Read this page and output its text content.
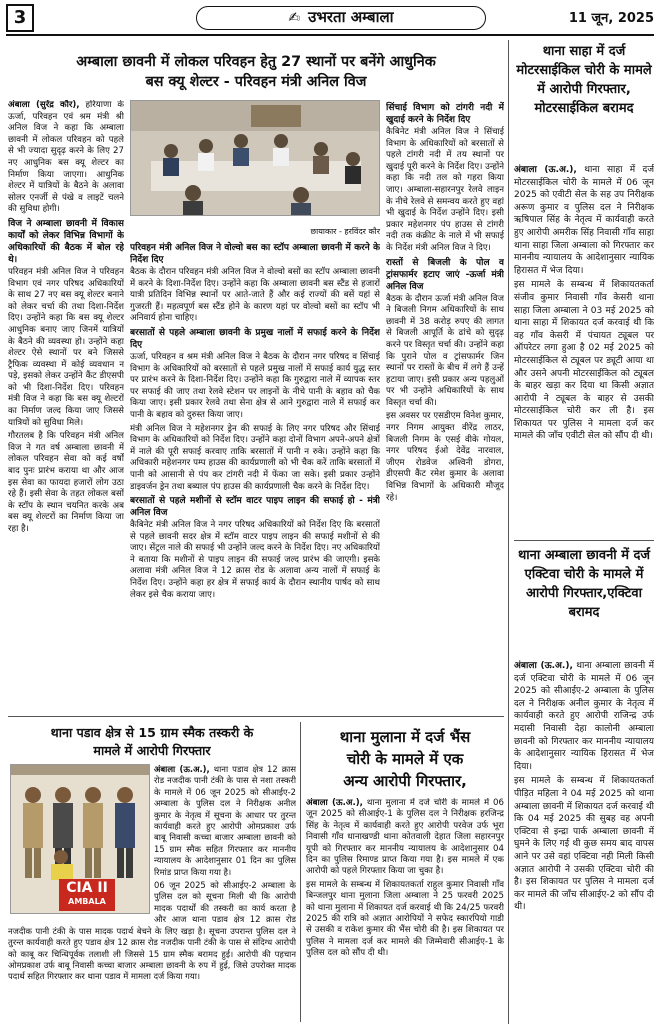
3	✍ उभरता अम्बाला	11 जून, 2025
अम्बाला छावनी में लोकल परिवहन हेतु 27 स्थानों पर बनेंगे आधुनिक
बस क्यू शेल्टर - परिवहन मंत्री अनिल विज

अंबाला (सुरेंद्र कौर), हरियाणा के ऊर्जा, परिवहन एवं श्रम मंत्री श्री अनिल विज ने कहा कि अम्बाला छावनी में लोकल परिवहन को पहले से भी ज्यादा सुदृढ़ करने के लिए 27 नए आधुनिक बस क्यू शेल्टर का निर्माण किया जाएगा। आधुनिक शेल्टर में यात्रियों के बैठने के अलावा सोलर एनर्जी से पंखे व लाइटें चलने की सुविधा होगी।

विज ने अम्बाला छावनी में विकास कार्यों को लेकर विभिन्न विभागों के अधिकारियों की बैठक में बोल रहे थे।

परिवहन मंत्री अनिल विज ने परिवहन विभाग एवं नगर परिषद अधिकारियों के साथ 27 नए बस क्यू शेल्टर बनाने को लेकर चर्चा की तथा दिशा-निर्देश दिए। उन्होंने कहा कि बस क्यू शेल्टर आधुनिक बनाए जाए जिनमें यात्रियों के बैठने की व्यवस्था हो। उन्होंने कहा शेल्टर ऐसे स्थानों पर बने जिससे ट्रैफिक व्यवस्था में कोई व्यवधान न पड़े, इसको लेकर उन्होंने कैंट डीएसपी को भी दिशा-निर्देश दिए। परिवहन मंत्री विज ने कहा कि बस क्यू शेल्टरों का निर्माण जल्द किया जाए जिससे यात्रियों को सुविधा मिले।

गौरतलब है कि परिवहन मंत्री अनिल विज ने गत वर्ष अम्बाला छावनी में लोकल परिवहन सेवा को कई वर्षों बाद पुनः प्रारंभ कराया था और आज इस सेवा का फायदा हजारों लोग उठा रहे हैं। इसी सेवा के तहत लोकल बसों के स्टॉप के स्थान चयनित करके अब बस क्यू शेल्टरों का निर्माण किया जा रहा है।

छायाकार - हरविंदर कौर
परिवहन मंत्री अनिल विज ने वोल्वो बस का स्टॉप अम्बाला छावनी में करने के निर्देश दिए

बैठक के दौरान परिवहन मंत्री अनिल विज ने वोल्वो बसों का स्टॉप अम्बाला छावनी में करने के दिशा-निर्देश दिए। उन्होंने कहा कि अम्बाला छावनी बस स्टैंड से हजारों यात्री प्रतिदिन विभिन्न स्थानों पर आते-जाते हैं और कई राज्यों की बसें यहां से गुजरती हैं। महत्वपूर्ण बस स्टैंड होने के कारण यहां पर वोल्वो बसों का स्टॉप भी अनिवार्य होना चाहिए।

बरसातों से पहले अम्बाला छावनी के प्रमुख नालों में सफाई करने के निर्देश दिए

ऊर्जा, परिवहन व श्रम मंत्री अनिल विज ने बैठक के दौरान नगर परिषद व सिंचाई विभाग के अधिकारियों को बरसातों से पहले प्रमुख नालों में सफाई कार्य युद्ध स्तर पर प्रारंभ करने के दिशा-निर्देश दिए। उन्होंने कहा कि गुरुद्वारा नाले में व्यापक स्तर पर सफाई की जाए तथा रेलवे स्टेशन पर लाइनों के नीचे पानी के बहाव को चैक किया जाए। इसी प्रकार रेलवे तथा सेना क्षेत्र से आने गुरुद्वारा नाले में सफाई कर पानी के बहाव को दुरुस्त किया जाए।

मंत्री अनिल विज ने महेशनगर ड्रेन की सफाई के लिए नगर परिषद और सिंचाई विभाग के अधिकारियों को निर्देश दिए। उन्होंने कहा दोनों विभाग अपने-अपने क्षेत्रों में नाले की पूरी सफाई करवाए ताकि बरसातों में पानी न रुके। उन्होंने कहा कि अधिकारी महेशनगर पम्प हाउस की कार्यप्रणाली को भी चैक करें ताकि बरसातों में पानी को आसानी से पंप कर टांगरी नदी में फेंका जा सके। इसी प्रकार उन्होंने डाइवर्जन ड्रेन तथा बब्याल पंप हाउस की कार्यप्रणाली चैक करने के निर्देश दिए।

बरसातों से पहले मशीनों से स्टॉम वाटर पाइप लाइन की सफाई हो - मंत्री अनिल विज

कैबिनेट मंत्री अनिल विज ने नगर परिषद अधिकारियों को निर्देश दिए कि बरसातों से पहले छावनी सदर क्षेत्र में स्टॉम वाटर पाइप लाइन की सफाई मशीनों से की जाए। सेंट्रल नाले की सफाई भी उन्होंने जल्द करने के निर्देश दिए। नए अधिकारियों ने बताया कि मशीनों से पाइप लाइन की सफाई जल्द प्रारंभ की जाएगी। इसके अलावा मंत्री अनिल विज ने 12 क्रास रोड के अलावा अन्य नालों में सफाई के निर्देश दिए। उन्होंने कहा हर क्षेत्र में सफाई कार्य के दौरान स्थानीय पार्षद को साथ लेकर इसे चैक कराया जाए।

सिंचाई विभाग को टांगरी नदी में खुदाई करने के निर्देश दिए

कैबिनेट मंत्री अनिल विज ने सिंचाई विभाग के अधिकारियों को बरसातों से पहले टांगरी नदी में तय स्थानों पर खुदाई पूरी करने के निर्देश दिए। उन्होंने कहा कि नदी तल को गहरा किया जाए। अम्बाला-सहारनपुर रेलवे लाइन के नीचे रेलवे से समन्वय करते हुए वहां भी खुदाई के निर्देश उन्होंने दिए। इसी प्रकार महेशनगर पंप हाउस से टांगरी नदी तक कंक्रीट के नाले में भी सफाई के निर्देश मंत्री अनिल विज ने दिए।

रास्तों से बिजली के पोल व ट्रांसफार्मर हटाए जाएं -ऊर्जा मंत्री अनिल विज

बैठक के दौरान ऊर्जा मंत्री अनिल विज ने बिजली निगम अधिकारियों के साथ छावनी में 38 करोड़ रुपए की लागत से बिजली आपूर्ति के ढांचे को सुदृढ़ करने पर विस्तृत चर्चा की। उन्होंने कहा कि पुराने पोल व ट्रांसफार्मर जिन स्थानों पर रास्तों के बीच में लगे हैं उन्हें हटाया जाए। इसी प्रकार अन्य पहलुओं पर भी उन्होंने अधिकारियों के साथ विस्तृत चर्चा की।

इस अवसर पर एसडीएम विनेश कुमार, नगर निगम आयुक्त वीरेंद्र लाठर, बिजली निगम के एसई वीके गोयल, नगर परिषद ईओ देवेंद्र नारवाल, जीएम रोडवेज अश्विनी डोगरा, डीएसपी कैंट रमेश कुमार के अलावा विभिन्न विभागों के अधिकारी मौजूद रहे।

थाना साहा में दर्ज मोटरसाईकिल चोरी के मामले में आरोपी गिरफ्तार, मोटरसाईकिल बरामद

अंबाला (ऊ.अ.), थाना साहा में दर्ज मोटरसाईकिल चोरी के मामले में 06 जून 2025 को एवीटी सेल के सह उप निरीक्षक अरूण कुमार व पुलिस दल ने निरीक्षक ऋषिपाल सिंह के नेतृत्व में कार्यवाही करते हुए आरोपी अमरीक सिंह निवासी गाँव साहा थाना साहा जिला अम्बाला को गिरफ्तार कर माननीय न्यायालय के आदेशानुसार न्यायिक हिरासत में भेज दिया।

इस मामले के सम्बन्ध में शिकायतकर्ता संजीव कुमार निवासी गाँव केसरी थाना साहा जिला अम्बाला ने 03 मई 2025 को थाना साहा में शिकायत दर्ज करवाई थी कि वह गाँव केसरी में पंचायत ट्यूबल पर ऑपरेटर लगा हुआ है 02 मई 2025 को मोटरसाईकिल से ट्यूबल पर ड्यूटी आया था और उसने अपनी मोटरसाईकिल को ट्यूबल के बाहर खड़ा कर दिया था किसी अज्ञात आरोपी ने ट्यूबल के बाहर से उसकी मोटरसाईकिल चोरी कर ली है। इस शिकायत पर पुलिस ने मामला दर्ज कर मामले की जाँच एवीटी सेल को सौंप दी थी।

थाना अम्बाला छावनी में दर्ज एक्टिवा चोरी के मामले में आरोपी गिरफ्तार,एक्टिवा बरामद

अंबाला (ऊ.अ.), थाना अम्बाला छावनी में दर्ज एक्टिवा चोरी के मामले में 06 जून 2025 को सीआईए-2 अम्बाला के पुलिस दल ने निरीक्षक अनील कुमार के नेतृत्व में कार्यवाही करते हुए आरोपी राजिन्द्र उर्फ मदासी निवासी देहा कालोनी अम्बाला छावनी को गिरफ्तार कर माननीय न्यायालय के आदेशानुसार न्यायिक हिरासत में भेज दिया।

इस मामले के सम्बन्ध में शिकायतकर्ता पीड़ित महिला ने 04 मई 2025 को थाना अम्बाला छावनी में शिकायत दर्ज करवाई थी कि 04 मई 2025 की सुबह वह अपनी एक्टिवा से इन्द्रा पार्क अम्बाला छावनी में घुमने के लिए गई थी कुछ समय बाद वापस आने पर उसे वहां एक्टिवा नही मिली किसी अज्ञात आरोपी ने उसकी एक्टिवा चोरी की है। इस शिकायत पर पुलिस ने मामला दर्ज कर मामले की जाँच सीआईए-2 को सौंप दी थी।

थाना पडाव क्षेत्र से 15 ग्राम स्मैक तस्करी के
मामले में आरोपी गिरफ्तार
CIA II
AMBALA

अंबाला (ऊ.अ.), थाना पडाव क्षेत्र 12 क्रास रोड नजदीक पानी टंकी के पास से नशा तस्करी के मामले में 06 जून 2025 को सीआईए-2 अम्बाला के पुलिस दल ने निरीक्षक अनील कुमार के नेतृत्व में सूचना के आधार पर तुरन्त कार्यवाही करते हुए आरोपी ओमप्रकाश उर्फ बाबू निवासी कच्चा बाजार अम्बाला छावनी को 15 ग्राम स्मैक सहित गिरफ्तार कर माननीय न्यायालय के आदेशानुसार 01 दिन का पुलिस रिमांड प्राप्त किया गया है।

06 जून 2025 को सीआईए-2 अम्बाला के पुलिस दल को सूचना मिली थी कि आरोपी मादक पदार्थों की तस्करी का कार्य करता है और आज थाना पडाव क्षेत्र 12 क्रास रोड नजदीक पानी टंकी के पास मादक पदार्थ बेचने के लिए खड़ा है। सूचना उपरान्त पुलिस दल ने तुरन्त कार्यवाही करते हुए पडाव क्षेत्र 12 क्रास रोड नजदीक पानी टंकी के पास से संदिग्ध आरोपी को काबू कर चिन्धिपूर्वक तलाशी ली जिससे 15 ग्राम स्मैक बरामद हुई। आरोपी की पहचान ओमप्रकाश उर्फ बाबू निवासी कच्चा बाजार अम्बाला छावनी के रुप में हुई, जिसे उपरोक्त मादक पदार्थ सहित गिरफ्तार कर थाना पडाव में मामला दर्ज किया गया।

थाना मुलाना में दर्ज भैंस
चोरी के मामले में एक
अन्य आरोपी गिरफ्तार,

अंबाला (ऊ.अ.), थाना मुलाना में दर्ज चोरी के मामले में 06 जून 2025 को सीआईए-1 के पुलिस दल ने निरीक्षक हरजिन्द्र सिंह के नेतृत्व में कार्यवाही करते हुए आरोपी परवेज उर्फ भूरा निवासी गाँव धानाखण्डी थाना कोतवाली देहात जिला सहारनपुर यूपी को गिरफ्तार कर माननीय न्यायालय के आदेशानुसार 04 दिन का पुलिस रिमाण्ड प्राप्त किया गया है। इस मामले में एक आरोपी को पहले गिरफ्तार किया जा चुका है।

इस मामले के सम्बन्ध में शिकायतकर्ता राहुल कुमार निवासी गाँव बिन्जलपुर थाना मुलाना जिला अम्बाला ने 25 फरवरी 2025 को थाना मुलाना में शिकायत दर्ज करवाई थी कि 24/25 फरवरी 2025 की रात्रि को अज्ञात आरोपियों ने सफेद स्कारपियो गाडी से उसकी व राकेश कुमार की भैंस चोरी की है। इस शिकायत पर पुलिस ने मामला दर्ज कर मामले की जिम्मेवारी सीआईए-1 के पुलिस दल को सौंप दी थी।
